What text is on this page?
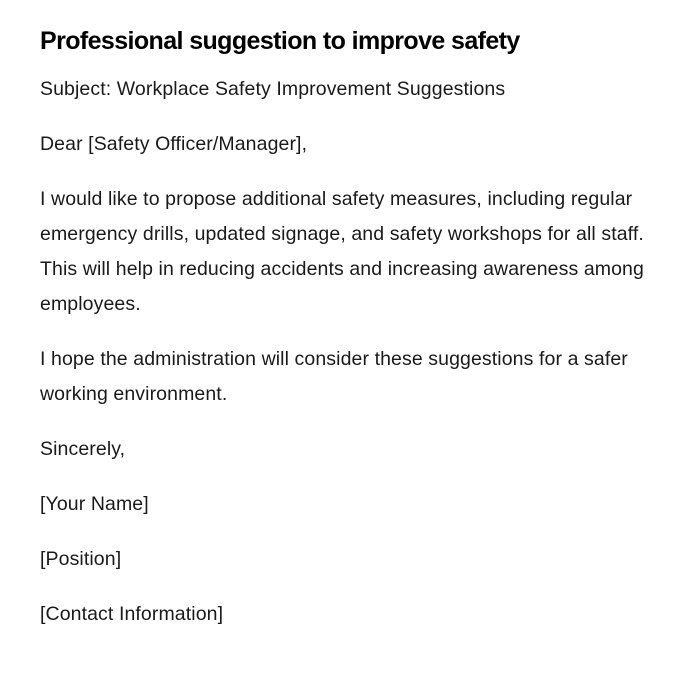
Professional suggestion to improve safety

Subject: Workplace Safety Improvement Suggestions

Dear [Safety Officer/Manager],

I would like to propose additional safety measures, including regular emergency drills, updated signage, and safety workshops for all staff. This will help in reducing accidents and increasing awareness among employees.

I hope the administration will consider these suggestions for a safer working environment.

Sincerely,

[Your Name]

[Position]

[Contact Information]
